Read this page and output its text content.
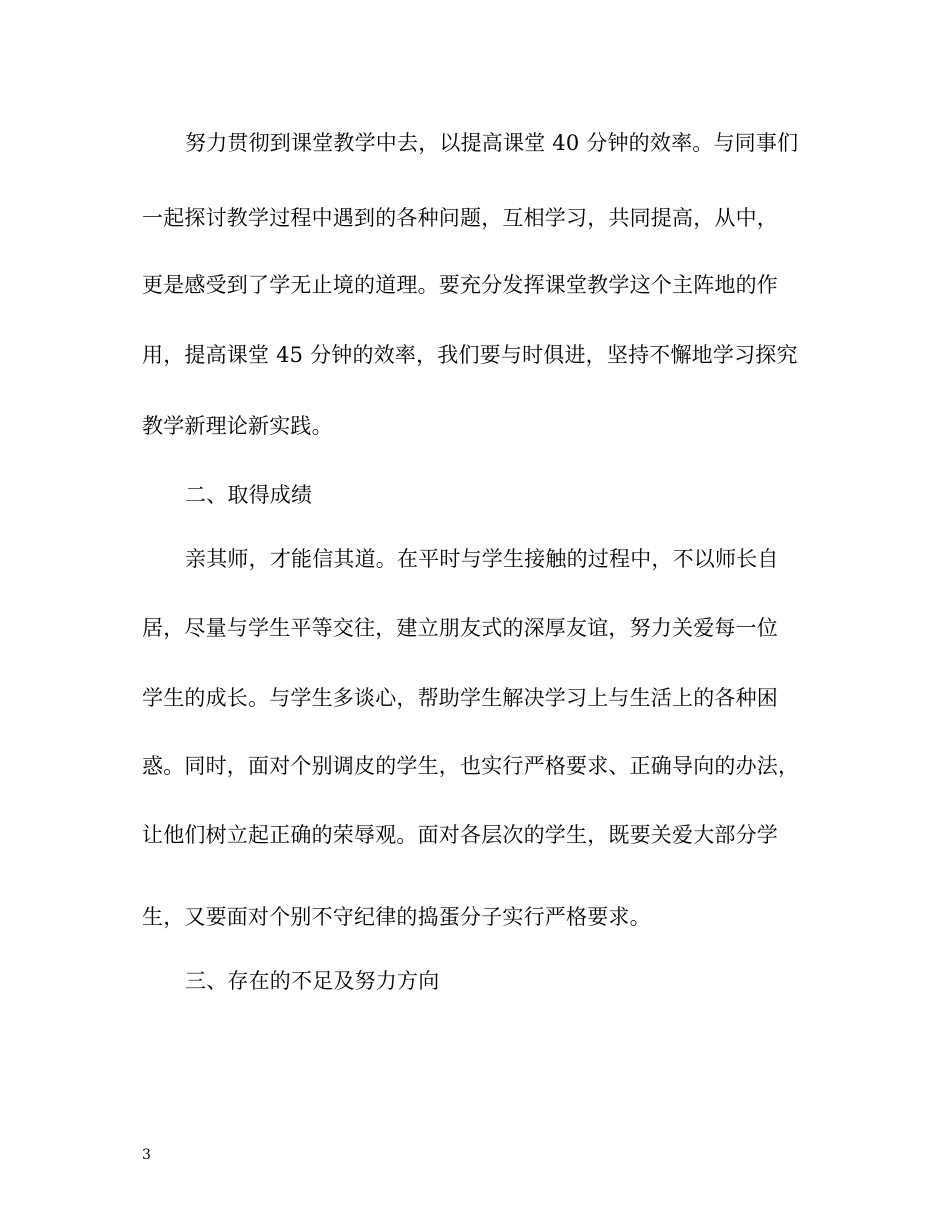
努力贯彻到课堂教学中去，以提高课堂 40 分钟的效率。与同事们
一起探讨教学过程中遇到的各种问题，互相学习，共同提高，从中，
更是感受到了学无止境的道理。要充分发挥课堂教学这个主阵地的作
用，提高课堂 45 分钟的效率，我们要与时俱进，坚持不懈地学习探究
教学新理论新实践。
二、取得成绩
亲其师，才能信其道。在平时与学生接触的过程中，不以师长自
居，尽量与学生平等交往，建立朋友式的深厚友谊，努力关爱每一位
学生的成长。与学生多谈心，帮助学生解决学习上与生活上的各种困
惑。同时，面对个别调皮的学生，也实行严格要求、正确导向的办法，
让他们树立起正确的荣辱观。面对各层次的学生，既要关爱大部分学
生，又要面对个别不守纪律的捣蛋分子实行严格要求。
三、存在的不足及努力方向
3
